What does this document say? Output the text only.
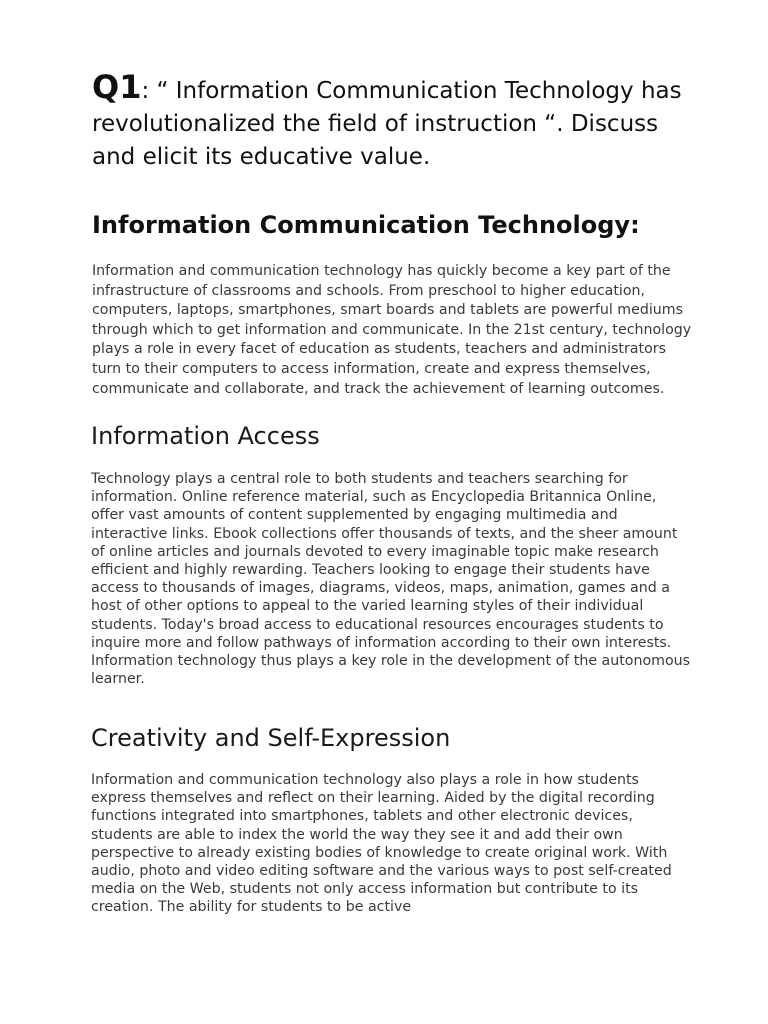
Q1: “ Information Communication Technology has revolutionalized the field of instruction “. Discuss and elicit its educative value.

Information Communication Technology:

Information and communication technology has quickly become a key part of the infrastructure of classrooms and schools. From preschool to higher education, computers, laptops, smartphones, smart boards and tablets are powerful mediums through which to get information and communicate. In the 21st century, technology plays a role in every facet of education as students, teachers and administrators turn to their computers to access information, create and express themselves, communicate and collaborate, and track the achievement of learning outcomes.

Information Access

Technology plays a central role to both students and teachers searching for information. Online reference material, such as Encyclopedia Britannica Online, offer vast amounts of content supplemented by engaging multimedia and interactive links. Ebook collections offer thousands of texts, and the sheer amount of online articles and journals devoted to every imaginable topic make research efficient and highly rewarding. Teachers looking to engage their students have access to thousands of images, diagrams, videos, maps, animation, games and a host of other options to appeal to the varied learning styles of their individual students. Today's broad access to educational resources encourages students to inquire more and follow pathways of information according to their own interests. Information technology thus plays a key role in the development of the autonomous learner.

Creativity and Self-Expression

Information and communication technology also plays a role in how students express themselves and reflect on their learning. Aided by the digital recording functions integrated into smartphones, tablets and other electronic devices, students are able to index the world the way they see it and add their own perspective to already existing bodies of knowledge to create original work. With audio, photo and video editing software and the various ways to post self-created media on the Web, students not only access information but contribute to its creation. The ability for students to be active
